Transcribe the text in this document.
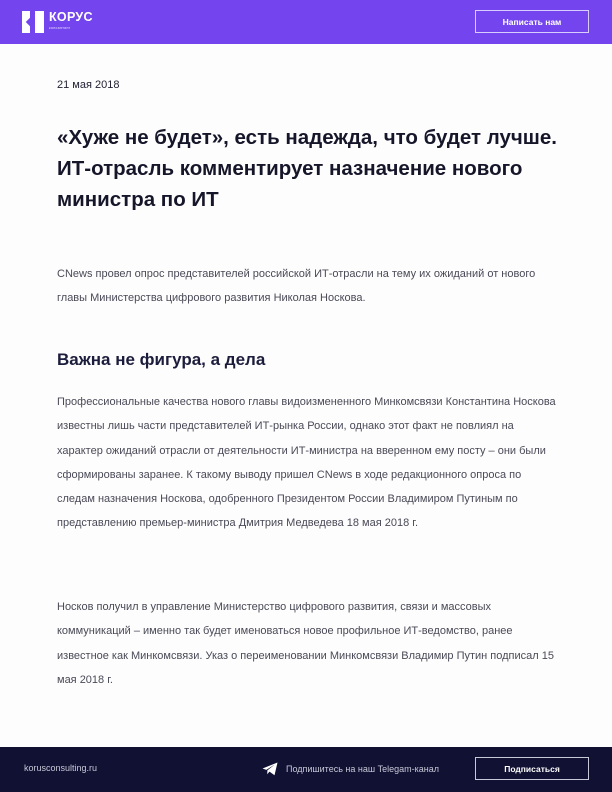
КОРУС
консалтинг
Написать нам
21 мая 2018
«Хуже не будет», есть надежда, что будет лучше. ИТ-отрасль комментирует назначение нового министра по ИТ

CNews провел опрос представителей российской ИТ-отрасли на тему их ожиданий от нового главы Министерства цифрового развития Николая Носкова.

Важна не фигура, а дела

Профессиональные качества нового главы видоизмененного Минкомсвязи Константина Носкова известны лишь части представителей ИТ-рынка России, однако этот факт не повлиял на характер ожиданий отрасли от деятельности ИТ-министра на вверенном ему посту – они были сформированы заранее. К такому выводу пришел CNews в ходе редакционного опроса по следам назначения Носкова, одобренного Президентом России Владимиром Путиным по представлению премьер-министра Дмитрия Медведева 18 мая 2018 г.

Носков получил в управление Министерство цифрового развития, связи и массовых коммуникаций – именно так будет именоваться новое профильное ИТ-ведомство, ранее известное как Минкомсвязи. Указ о переименовании Минкомсвязи Владимир Путин подписал 15 мая 2018 г.

korusconsulting.ru	Подпишитесь на наш Telegam-канал	Подписаться
